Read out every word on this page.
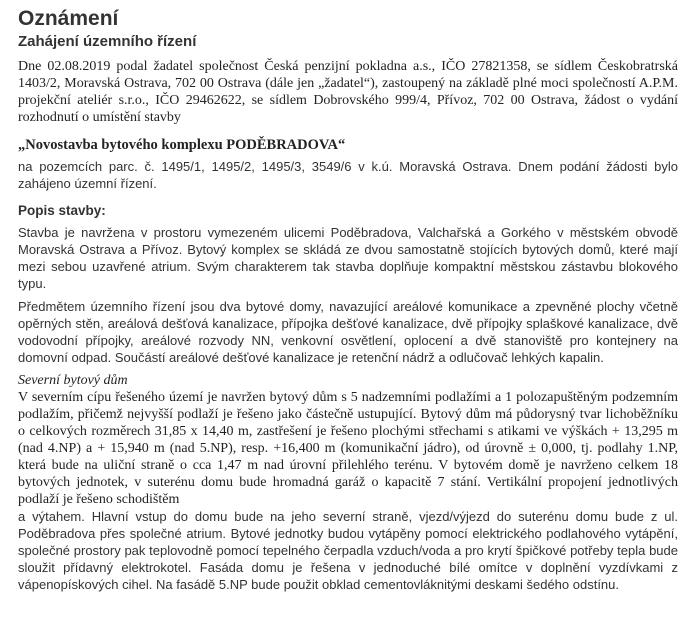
Oznámení
Zahájení územního řízení

Dne 02.08.2019 podal žadatel společnost Česká penzijní pokladna a.s., IČO 27821358, se sídlem Českobratrská 1403/2, Moravská Ostrava, 702 00 Ostrava (dále jen „žadatel“), zastoupený na základě plné moci společností A.P.M. projekční ateliér s.r.o., IČO 29462622, se sídlem Dobrovského 999/4, Přívoz, 702 00 Ostrava, žádost o vydání rozhodnutí o umístění stavby

„Novostavba bytového komplexu PODĚBRADOVA“

na pozemcích parc. č. 1495/1, 1495/2, 1495/3, 3549/6 v k.ú. Moravská Ostrava. Dnem podání žádosti bylo zahájeno územní řízení.

Popis stavby:

Stavba je navržena v prostoru vymezeném ulicemi Poděbradova, Valchařská a Gorkého v městském obvodě Moravská Ostrava a Přívoz. Bytový komplex se skládá ze dvou samostatně stojících bytových domů, které mají mezi sebou uzavřené atrium. Svým charakterem tak stavba doplňuje kompaktní městskou zástavbu blokového typu.

Předmětem územního řízení jsou dva bytové domy, navazující areálové komunikace a zpevněné plochy včetně opěrných stěn, areálová dešťová kanalizace, přípojka dešťové kanalizace, dvě přípojky splaškové kanalizace, dvě vodovodní přípojky, areálové rozvody NN, venkovní osvětlení, oplocení a dvě stanoviště pro kontejnery na domovní odpad. Součástí areálové dešťové kanalizace je retenční nádrž a odlučovač lehkých kapalin.

Severní bytový dům

V severním cípu řešeného území je navržen bytový dům s 5 nadzemními podlažími a 1 polozapuštěným podzemním podlažím, přičemž nejvyšší podlaží je řešeno jako částečně ustupující. Bytový dům má půdorysný tvar lichoběžníku o celkových rozměrech 31,85 x 14,40 m, zastřešení je řešeno plochými střechami s atikami ve výškách + 13,295 m (nad 4.NP) a + 15,940 m (nad 5.NP), resp. +16,400 m (komunikační jádro), od úrovně ± 0,000, tj. podlahy 1.NP, která bude na uliční straně o cca 1,47 m nad úrovní přilehlého terénu. V bytovém domě je navrženo celkem 18 bytových jednotek, v suterénu domu bude hromadná garáž o kapacitě 7 stání. Vertikální propojení jednotlivých podlaží je řešeno schodištěm

a výtahem. Hlavní vstup do domu bude na jeho severní straně, vjezd/výjezd do suterénu domu bude z ul. Poděbradova přes společné atrium. Bytové jednotky budou vytápěny pomocí elektrického podlahového vytápění, společné prostory pak teplovodně pomocí tepelného čerpadla vzduch/voda a pro krytí špičkové potřeby tepla bude sloužit přídavný elektrokotel. Fasáda domu je řešena v jednoduché bílé omítce v doplnění vyzdívkami z vápenopískových cihel. Na fasádě 5.NP bude použit obklad cementovláknitými deskami šedého odstínu.
